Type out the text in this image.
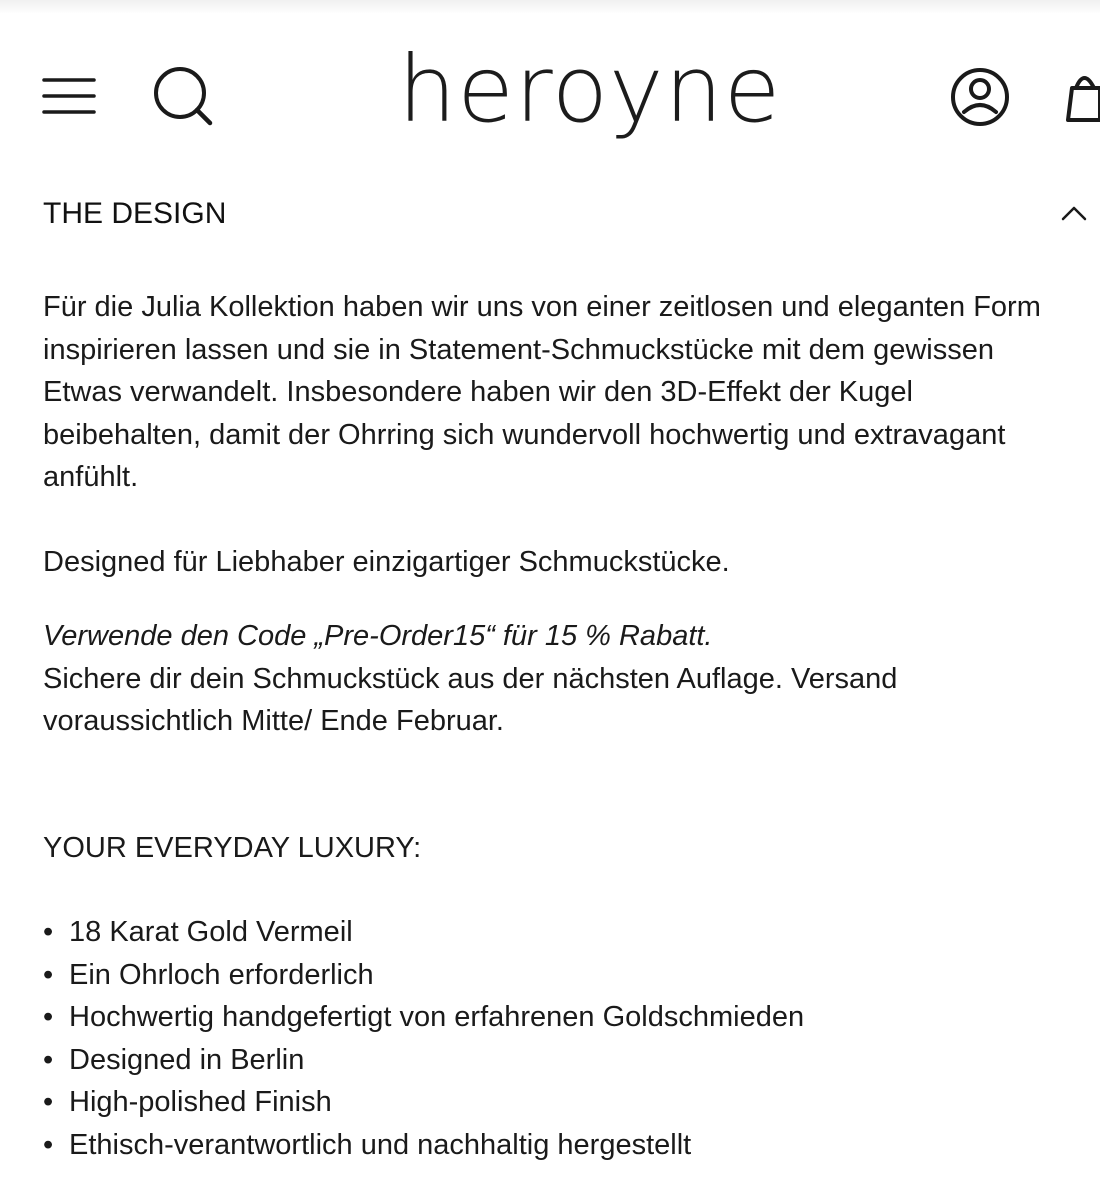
heroyne
THE DESIGN

Für die Julia Kollektion haben wir uns von einer zeitlosen und eleganten Form inspirieren lassen und sie in Statement-Schmuckstücke mit dem gewissen Etwas verwandelt. Insbesondere haben wir den 3D-Effekt der Kugel beibehalten, damit der Ohrring sich wundervoll hochwertig und extravagant anfühlt.

Designed für Liebhaber einzigartiger Schmuckstücke.

Verwende den Code „Pre-Order15“ für 15 % Rabatt.

Sichere dir dein Schmuckstück aus der nächsten Auflage. Versand voraussichtlich Mitte/ Ende Februar.

YOUR EVERYDAY LUXURY:

• 18 Karat Gold Vermeil
• Ein Ohrloch erforderlich
• Hochwertig handgefertigt von erfahrenen Goldschmieden
• Designed in Berlin
• High-polished Finish
• Ethisch-verantwortlich und nachhaltig hergestellt
